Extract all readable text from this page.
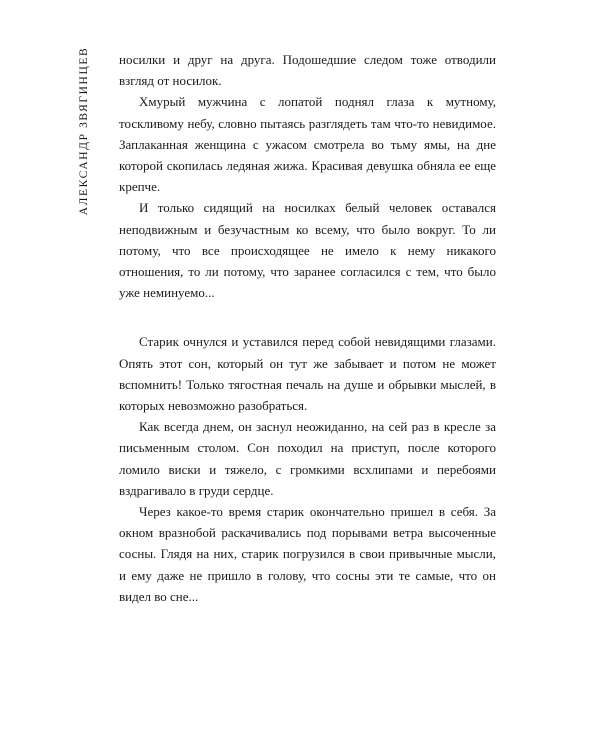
АЛЕКСАНДР ЗВЯГИНЦЕВ носилки и друг на друга. Подошедшие следом тоже отводили взгляд от носилок.

Хмурый мужчина с лопатой поднял глаза к мутному, тоскливому небу, словно пытаясь разглядеть там что-то невидимое. Заплаканная женщина с ужасом смотрела во тьму ямы, на дне которой скопилась ледяная жижа. Красивая девушка обняла ее еще крепче.

И только сидящий на носилках белый человек оставался неподвижным и безучастным ко всему, что было вокруг. То ли потому, что все происходящее не имело к нему никакого отношения, то ли потому, что заранее согласился с тем, что было уже неминуемо...

Старик очнулся и уставился перед собой невидящими глазами. Опять этот сон, который он тут же забывает и потом не может вспомнить! Только тягостная печаль на душе и обрывки мыслей, в которых невозможно разобраться.

Как всегда днем, он заснул неожиданно, на сей раз в кресле за письменным столом. Сон походил на приступ, после которого ломило виски и тяжело, с громкими всхлипами и перебоями вздрагивало в груди сердце.

Через какое-то время старик окончательно пришел в себя. За окном вразнобой раскачивались под порывами ветра высоченные сосны. Глядя на них, старик погрузился в свои привычные мысли, и ему даже не пришло в голову, что сосны эти те самые, что он видел во сне...
